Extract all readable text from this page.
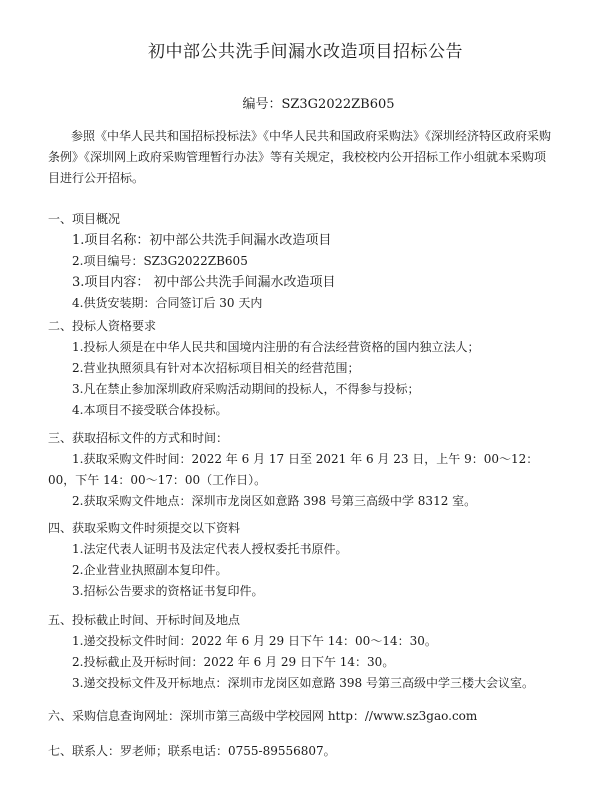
初中部公共洗手间漏水改造项目招标公告
编号：SZ3G2022ZB605
参照《中华人民共和国招标投标法》《中华人民共和国政府采购法》《深圳经济特区政府采购条例》《深圳网上政府采购管理暂行办法》等有关规定，我校校内公开招标工作小组就本采购项目进行公开招标。
一、项目概况
1.项目名称：初中部公共洗手间漏水改造项目
2.项目编号：SZ3G2022ZB605
3.项目内容： 初中部公共洗手间漏水改造项目
4.供货安装期：合同签订后 30 天内
二、投标人资格要求
1.投标人须是在中华人民共和国境内注册的有合法经营资格的国内独立法人；
2.营业执照须具有针对本次招标项目相关的经营范围；
3.凡在禁止参加深圳政府采购活动期间的投标人，不得参与投标；
4.本项目不接受联合体投标。
三、获取招标文件的方式和时间：
1.获取采购文件时间：2022 年 6 月 17 日至 2021 年 6 月 23 日，上午 9：00～12：00，下午 14：00～17：00（工作日）。
2.获取采购文件地点：深圳市龙岗区如意路 398 号第三高级中学 8312 室。
四、获取采购文件时须提交以下资料
1.法定代表人证明书及法定代表人授权委托书原件。
2.企业营业执照副本复印件。
3.招标公告要求的资格证书复印件。
五、投标截止时间、开标时间及地点
1.递交投标文件时间：2022 年 6 月 29 日下午 14：00～14：30。
2.投标截止及开标时间：2022 年 6 月 29 日下午 14：30。
3.递交投标文件及开标地点：深圳市龙岗区如意路 398 号第三高级中学三楼大会议室。
六、采购信息查询网址：深圳市第三高级中学校园网 http：//www.sz3gao.com
七、联系人：罗老师；联系电话：0755-89556807。
